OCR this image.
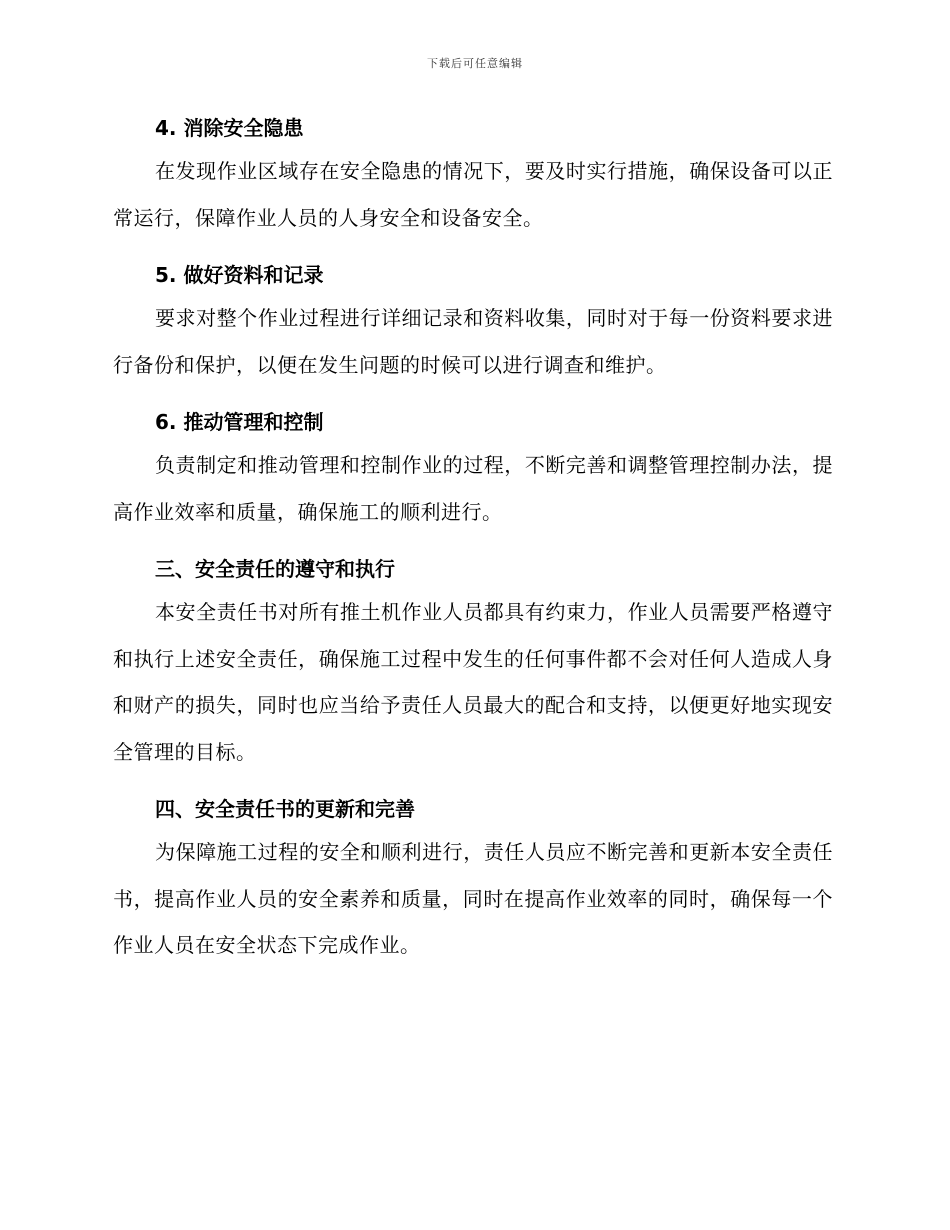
下载后可任意编辑
4. 消除安全隐患

在发现作业区域存在安全隐患的情况下，要及时实行措施，确保设备可以正常运行，保障作业人员的人身安全和设备安全。

5. 做好资料和记录

要求对整个作业过程进行详细记录和资料收集，同时对于每一份资料要求进行备份和保护，以便在发生问题的时候可以进行调查和维护。

6. 推动管理和控制

负责制定和推动管理和控制作业的过程，不断完善和调整管理控制办法，提高作业效率和质量，确保施工的顺利进行。

三、安全责任的遵守和执行

本安全责任书对所有推土机作业人员都具有约束力，作业人员需要严格遵守和执行上述安全责任，确保施工过程中发生的任何事件都不会对任何人造成人身和财产的损失，同时也应当给予责任人员最大的配合和支持，以便更好地实现安全管理的目标。

四、安全责任书的更新和完善

为保障施工过程的安全和顺利进行，责任人员应不断完善和更新本安全责任书，提高作业人员的安全素养和质量，同时在提高作业效率的同时，确保每一个作业人员在安全状态下完成作业。
